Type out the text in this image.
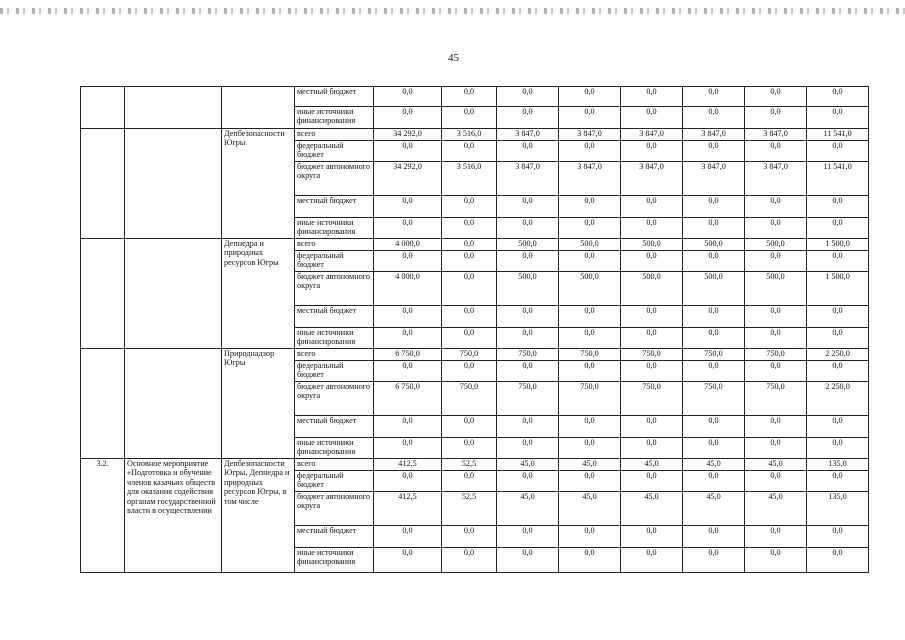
45
			местный бюджет	0,0	0,0	0,0	0,0	0,0	0,0	0,0	0,0
			иные источники финансирования	0,0	0,0	0,0	0,0	0,0	0,0	0,0	0,0
		Депбезопасности Югры	всего	34 292,0	3 516,0	3 847,0	3 847,0	3 847,0	3 847,0	3 847,0	11 541,0
			федеральный бюджет	0,0	0,0	0,0	0,0	0,0	0,0	0,0	0,0
			бюджет автономного округа	34 292,0	3 516,0	3 847,0	3 847,0	3 847,0	3 847,0	3 847,0	11 541,0
			местный бюджет	0,0	0,0	0,0	0,0	0,0	0,0	0,0	0,0
			иные источники финансирования	0,0	0,0	0,0	0,0	0,0	0,0	0,0	0,0
		Депнедра и природных ресурсов Югры	всего	4 000,0	0,0	500,0	500,0	500,0	500,0	500,0	1 500,0
			федеральный бюджет	0,0	0,0	0,0	0,0	0,0	0,0	0,0	0,0
			бюджет автономного округа	4 000,0	0,0	500,0	500,0	500,0	500,0	500,0	1 500,0
			местный бюджет	0,0	0,0	0,0	0,0	0,0	0,0	0,0	0,0
			иные источники финансирования	0,0	0,0	0,0	0,0	0,0	0,0	0,0	0,0
		Природнадзор Югры	всего	6 750,0	750,0	750,0	750,0	750,0	750,0	750,0	2 250,0
			федеральный бюджет	0,0	0,0	0,0	0,0	0,0	0,0	0,0	0,0
			бюджет автономного округа	6 750,0	750,0	750,0	750,0	750,0	750,0	750,0	2 250,0
			местный бюджет	0,0	0,0	0,0	0,0	0,0	0,0	0,0	0,0
			иные источники финансирования	0,0	0,0	0,0	0,0	0,0	0,0	0,0	0,0
3.2.	Основное мероприятие «Подготовка и обучение членов казачьих обществ для оказания содействия органам государственной власти в осуществлении	Депбезопасности Югры, Депнедра и природных ресурсов Югры, в том числе	всего	412,5	52,5	45,0	45,0	45,0	45,0	45,0	135,0
			федеральный бюджет	0,0	0,0	0,0	0,0	0,0	0,0	0,0	0,0
			бюджет автономного округа	412,5	52,5	45,0	45,0	45,0	45,0	45,0	135,0
			местный бюджет	0,0	0,0	0,0	0,0	0,0	0,0	0,0	0,0
			иные источники финансирования	0,0	0,0	0,0	0,0	0,0	0,0	0,0	0,0
